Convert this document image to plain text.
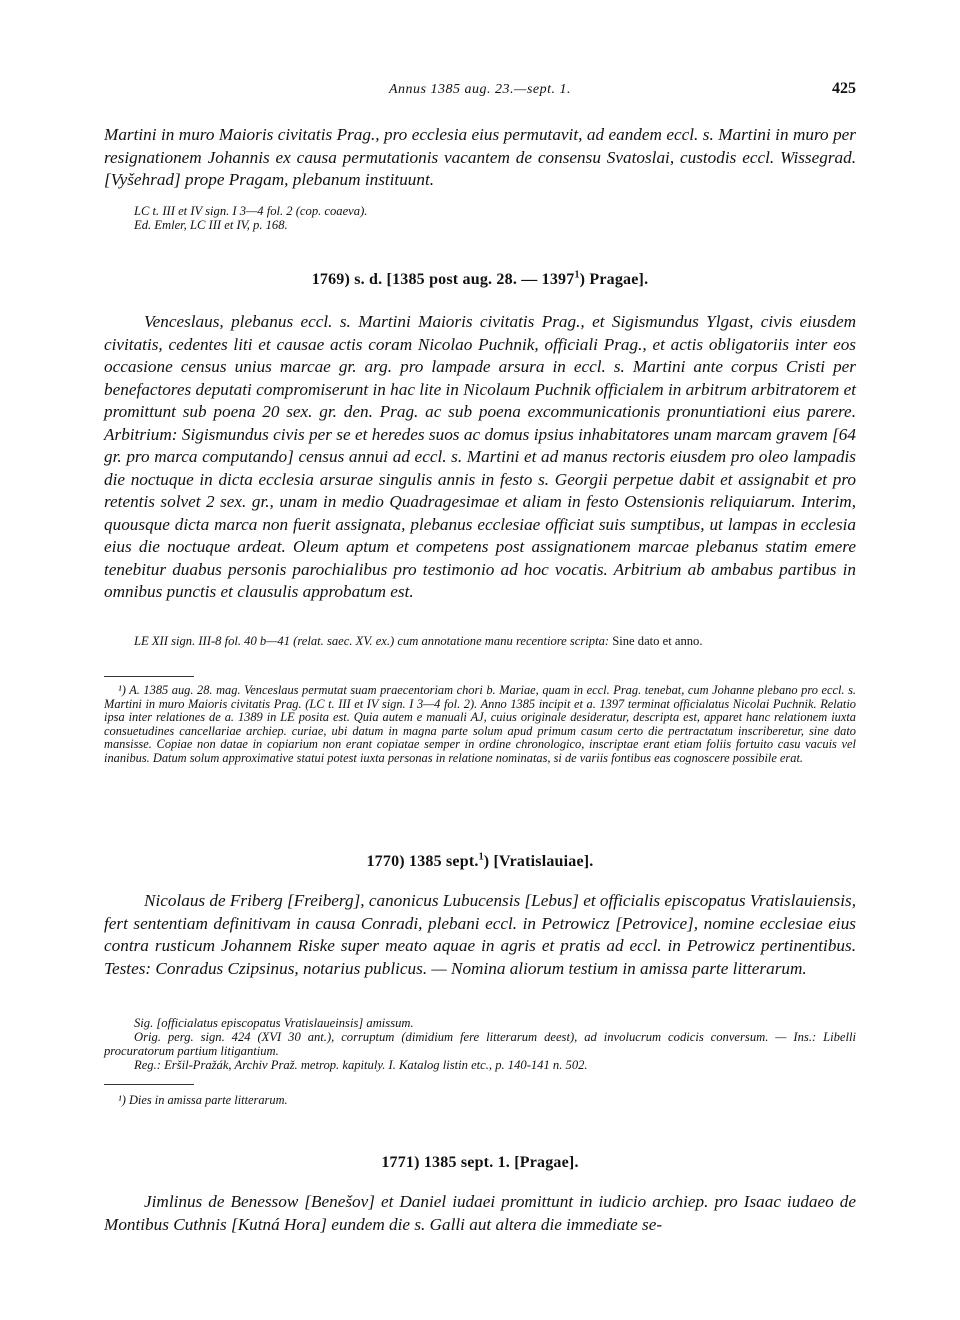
Annus 1385 aug. 23.—sept. 1.	425

Martini in muro Maioris civitatis Prag., pro ecclesia eius permutavit, ad eandem eccl. s. Martini in muro per resignationem Johannis ex causa permutationis vacantem de consensu Svatoslai, custodis eccl. Wissegrad. [Vyšehrad] prope Pragam, plebanum instituunt.

LC t. III et IV sign. I 3—4 fol. 2 (cop. coaeva).

Ed. Emler, LC III et IV, p. 168.

1769) s. d. [1385 post aug. 28. — 1397$^1$) Pragae].

Venceslaus, plebanus eccl. s. Martini Maioris civitatis Prag., et Sigismundus Ylgast, civis eiusdem civitatis, cedentes liti et causae actis coram Nicolao Puchnik, officiali Prag., et actis obligatoriis inter eos occasione census unius marcae gr. arg. pro lampade arsura in eccl. s. Martini ante corpus Cristi per benefactores deputati compromiserunt in hac lite in Nicolaum Puchnik officialem in arbitrum arbitratorem et promittunt sub poena 20 sex. gr. den. Prag. ac sub poena excommunicationis pronuntiationi eius parere. Arbitrium: Sigismundus civis per se et heredes suos ac domus ipsius inhabitatores unam marcam gravem [64 gr. pro marca computando] census annui ad eccl. s. Martini et ad manus rectoris eiusdem pro oleo lampadis die noctuque in dicta ecclesia arsurae singulis annis in festo s. Georgii perpetue dabit et assignabit et pro retentis solvet 2 sex. gr., unam in medio Quadragesimae et aliam in festo Ostensionis reliquiarum. Interim, quousque dicta marca non fuerit assignata, plebanus ecclesiae officiat suis sumptibus, ut lampas in ecclesia eius die noctuque ardeat. Oleum aptum et competens post assignationem marcae plebanus statim emere tenebitur duabus personis parochialibus pro testimonio ad hoc vocatis. Arbitrium ab ambabus partibus in omnibus punctis et clausulis approbatum est.

LE XII sign. III-8 fol. 40 b—41 (relat. saec. XV. ex.) cum annotatione manu recentiore scripta: Sine dato et anno.

¹) A. 1385 aug. 28. mag. Venceslaus permutat suam praecentoriam chori b. Mariae, quam in eccl. Prag. tenebat, cum Johanne plebano pro eccl. s. Martini in muro Maioris civitatis Prag. (LC t. III et IV sign. I 3—4 fol. 2). Anno 1385 incipit et a. 1397 terminat officialatus Nicolai Puchnik. Relatio ipsa inter relationes de a. 1389 in LE posita est. Quia autem e manuali AJ, cuius originale desideratur, descripta est, apparet hanc relationem iuxta consuetudines cancellariae archiep. curiae, ubi datum in magna parte solum apud primum casum certo die pertractatum inscriberetur, sine dato mansisse. Copiae non datae in copiarium non erant copiatae semper in ordine chronologico, inscriptae erant etiam foliis fortuito casu vacuis vel inanibus. Datum solum approximative statui potest iuxta personas in relatione nominatas, si de variis fontibus eas cognoscere possibile erat.

1770) 1385 sept.$^1$) [Vratislauiae].

Nicolaus de Friberg [Freiberg], canonicus Lubucensis [Lebus] et officialis episcopatus Vratislauiensis, fert sententiam definitivam in causa Conradi, plebani eccl. in Petrowicz [Petrovice], nomine ecclesiae eius contra rusticum Johannem Riske super meato aquae in agris et pratis ad eccl. in Petrowicz pertinentibus. Testes: Conradus Czipsinus, notarius publicus. — Nomina aliorum testium in amissa parte litterarum.

Sig. [officialatus episcopatus Vratislaueinsis] amissum.

Orig. perg. sign. 424 (XVI 30 ant.), corruptum (dimidium fere litterarum deest), ad involucrum codicis conversum. — Ins.: Libelli procuratorum partium litigantium.

Reg.: Eršil-Pražák, Archiv Praž. metrop. kapituly. I. Katalog listin etc., p. 140-141 n. 502.

¹) Dies in amissa parte litterarum.

1771) 1385 sept. 1. [Pragae].

Jimlinus de Benessow [Benešov] et Daniel iudaei promittunt in iudicio archiep. pro Isaac iudaeo de Montibus Cuthnis [Kutná Hora] eundem die s. Galli aut altera die immediate se-
